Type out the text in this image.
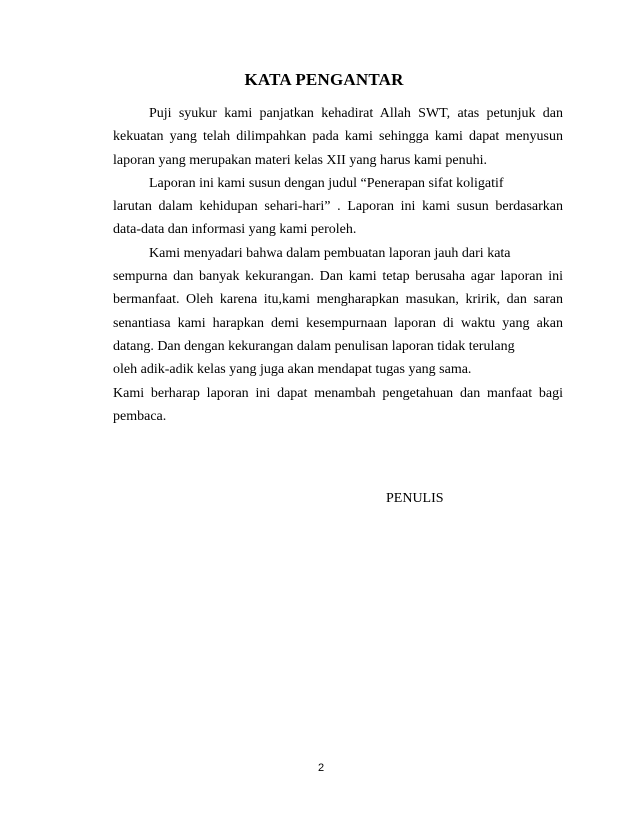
KATA PENGANTAR
Puji syukur kami panjatkan kehadirat Allah SWT, atas petunjuk dan
kekuatan yang telah dilimpahkan pada kami sehingga kami dapat menyusun
laporan yang merupakan materi kelas XII yang harus kami penuhi.
Laporan ini kami susun dengan judul “Penerapan sifat koligatif
larutan dalam kehidupan sehari-hari” . Laporan ini kami susun berdasarkan
data-data dan informasi yang kami peroleh.
Kami menyadari bahwa dalam pembuatan laporan jauh dari kata
sempurna dan banyak kekurangan. Dan kami tetap berusaha agar laporan ini
bermanfaat. Oleh karena itu,kami mengharapkan masukan, kririk, dan saran
senantiasa kami harapkan demi kesempurnaan laporan di waktu yang akan
datang. Dan dengan kekurangan dalam penulisan laporan tidak terulang
oleh adik-adik kelas yang juga akan mendapat tugas yang sama.
Kami berharap laporan ini dapat menambah pengetahuan dan manfaat bagi
pembaca.
PENULIS
2
